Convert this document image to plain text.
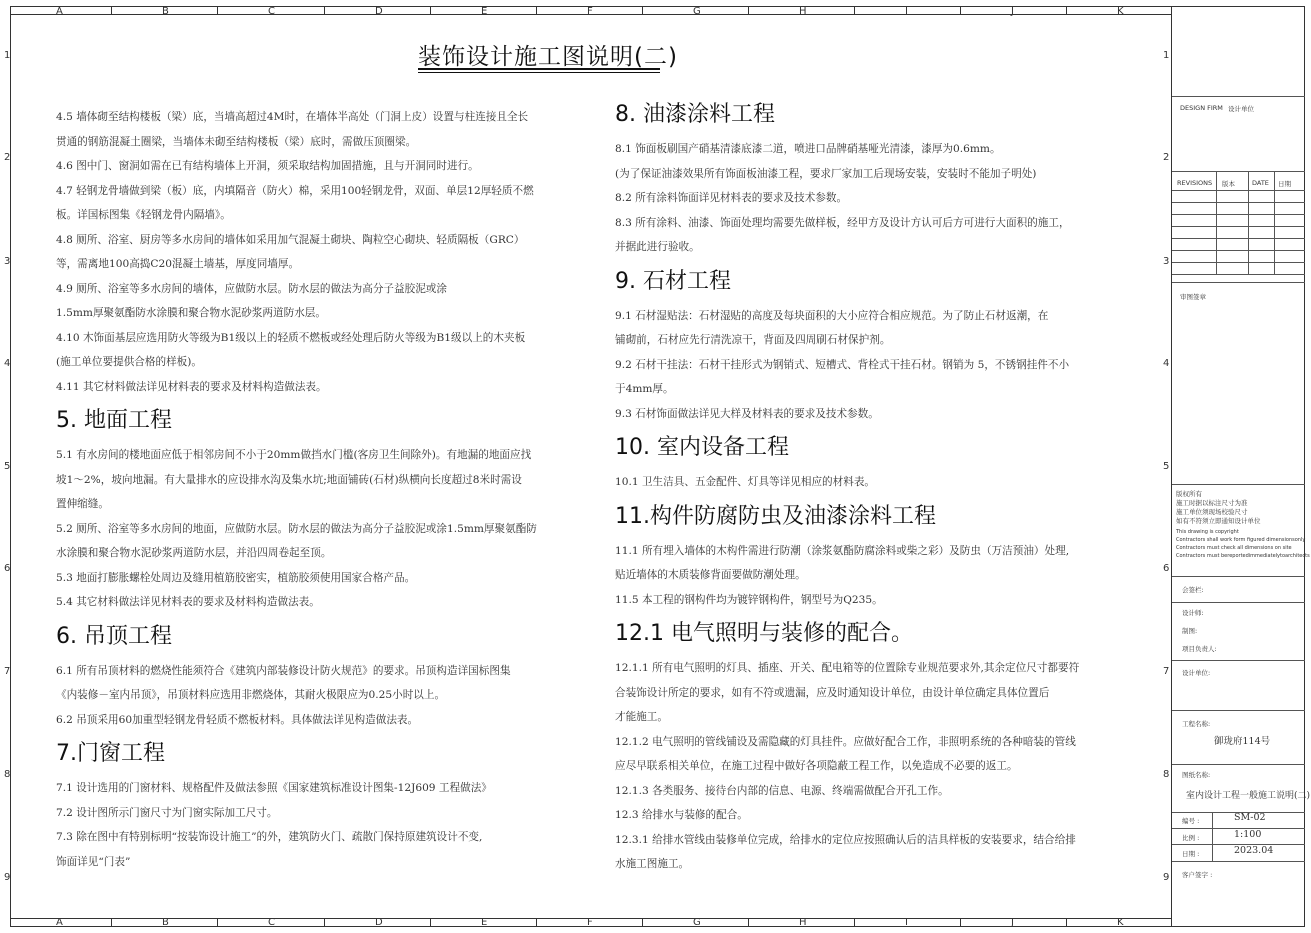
A
A
B
B
C
C
D
D
E
E
F
F
G
G
H
H
I
I
J
J
K
K
1	1
2	2
3	3
4	4
5	5
6	6
7	7
8	8
9	9
装饰设计施工图说明(二)
4.5 墙体砌至结构楼板（梁）底，当墙高超过4M时，在墙体半高处（门洞上皮）设置与柱连接且全长
贯通的钢筋混凝土圈梁，当墙体未砌至结构楼板（梁）底时，需做压顶圈梁。
4.6 图中门、窗洞如需在已有结构墙体上开洞，须采取结构加固措施，且与开洞同时进行。
4.7 轻钢龙骨墙做到梁（板）底，内填隔音（防火）棉，采用100轻钢龙骨，双面、单层12厚轻质不燃
板。详国标图集《轻钢龙骨内隔墙》。
4.8 厕所、浴室、厨房等多水房间的墙体如采用加气混凝土砌块、陶粒空心砌块、轻质隔板（GRC）
等，需离地100高捣C20混凝土墙基，厚度同墙厚。
4.9 厕所、浴室等多水房间的墙体，应做防水层。防水层的做法为高分子益胶泥或涂
1.5mm厚聚氨酯防水涂膜和聚合物水泥砂浆两道防水层。
4.10 木饰面基层应选用防火等级为B1级以上的轻质不燃板或经处理后防火等级为B1级以上的木夹板
(施工单位要提供合格的样板)。
4.11 其它材料做法详见材料表的要求及材料构造做法表。
5. 地面工程
5.1 有水房间的楼地面应低于相邻房间不小于20mm做挡水门槛(客房卫生间除外)。有地漏的地面应找
坡1～2%，坡向地漏。有大量排水的应设排水沟及集水坑;地面铺砖(石材)纵横向长度超过8米时需设
置伸缩缝。
5.2 厕所、浴室等多水房间的地面，应做防水层。防水层的做法为高分子益胶泥或涂1.5mm厚聚氨酯防
水涂膜和聚合物水泥砂浆两道防水层，并沿四周卷起至顶。
5.3 地面打膨胀螺栓处周边及缝用植筋胶密实，植筋胶须使用国家合格产品。
5.4 其它材料做法详见材料表的要求及材料构造做法表。
6. 吊顶工程
6.1 所有吊顶材料的燃烧性能须符合《建筑内部装修设计防火规范》的要求。吊顶构造详国标图集
《内装修－室内吊顶》，吊顶材料应选用非燃烧体，其耐火极限应为0.25小时以上。
6.2 吊顶采用60加重型轻钢龙骨轻质不燃板材料。具体做法详见构造做法表。
7.门窗工程
7.1 设计选用的门窗材料、规格配件及做法参照《国家建筑标准设计图集-12J609 工程做法》
7.2 设计图所示门窗尺寸为门窗实际加工尺寸。
7.3 除在图中有特别标明“按装饰设计施工”的外，建筑防火门、疏散门保持原建筑设计不变,
饰面详见“门表”
8. 油漆涂料工程
8.1 饰面板刷国产硝基清漆底漆二道，喷进口品牌硝基哑光清漆，漆厚为0.6mm。
(为了保证油漆效果所有饰面板油漆工程，要求厂家加工后现场安装，安装时不能加子明处)
8.2 所有涂料饰面详见材料表的要求及技术参数。
8.3 所有涂料、油漆、饰面处理均需要先做样板，经甲方及设计方认可后方可进行大面积的施工，
并据此进行验收。
9. 石材工程
9.1 石材湿贴法：石材湿贴的高度及每块面积的大小应符合相应规范。为了防止石材返潮，在
铺砌前，石材应先行清洗凉干，背面及四周刷石材保护剂。
9.2 石材干挂法：石材干挂形式为钢销式、短槽式、背栓式干挂石材。钢销为 5，不锈钢挂件不小
于4mm厚。
9.3 石材饰面做法详见大样及材料表的要求及技术参数。
10. 室内设备工程
10.1 卫生洁具、五金配件、灯具等详见相应的材料表。
11.构件防腐防虫及油漆涂料工程
11.1 所有埋入墙体的木构件需进行防潮（涂浆氨酯防腐涂料或柴之彩）及防虫（万洁预油）处理,
贴近墙体的木质装修背面要做防潮处理。
11.5 本工程的钢构件均为镀锌钢构件，钢型号为Q235。
12.1 电气照明与装修的配合。
12.1.1 所有电气照明的灯具、插座、开关、配电箱等的位置除专业规范要求外,其余定位尺寸都要符
合装饰设计所定的要求，如有不符或遗漏，应及时通知设计单位，由设计单位确定具体位置后
才能施工。
12.1.2 电气照明的管线铺设及需隐藏的灯具挂件。应做好配合工作，非照明系统的各种暗装的管线
应尽早联系相关单位，在施工过程中做好各项隐蔽工程工作，以免造成不必要的返工。
12.1.3 各类服务、接待台内部的信息、电源、终端需做配合开孔工作。
12.3 给排水与装修的配合。
12.3.1 给排水管线由装修单位完成，给排水的定位应按照确认后的洁具样板的安装要求，结合给排
水施工图施工。
DESIGN FIRM 设计单位
REVISIONS 版本	DATE 日期
审图签章
版权所有
施工时据以标注尺寸为准
施工单位须现场校验尺寸
如有不符须立即通知设计单位
This drawing is copyright
Contractors shall work form figured dimensionsonly
Contractors must check all dimensions on site
Contractors must bereportedimmediatelytoarchitects
会签栏:
设计师:
制图:
项目负责人:
设计单位:
工程名称:
御珑府114号
图纸名称:
室内设计工程一般施工说明(二)
编号 :	SM-02
比例 :	1:100
日期 :	2023.04
客户签字 :
